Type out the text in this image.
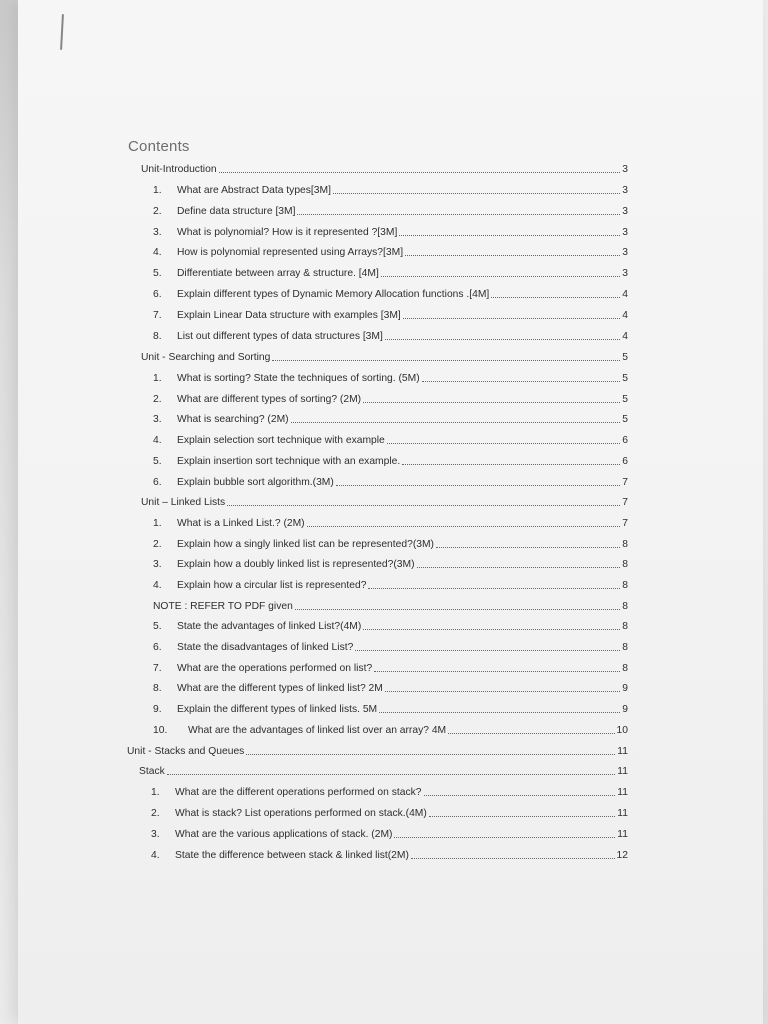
Contents
Unit-Introduction	3
1.	What are Abstract Data types[3M]	3
2.	Define data structure [3M]	3
3.	What is polynomial? How is it represented ?[3M]	3
4.	How is polynomial represented using Arrays?[3M]	3
5.	Differentiate between array & structure. [4M]	3
6.	Explain different types of Dynamic Memory Allocation functions .[4M]	4
7.	Explain Linear Data structure with examples [3M]	4
8.	List out different types of data structures [3M]	4
Unit - Searching and Sorting	5
1.	What is sorting? State the techniques of sorting. (5M)	5
2.	What are different types of sorting? (2M)	5
3.	What is searching? (2M)	5
4.	Explain selection sort technique with example	6
5.	Explain insertion sort technique with an example.	6
6.	Explain bubble sort algorithm.(3M)	7
Unit – Linked Lists	7
1.	What is a Linked List.? (2M)	7
2.	Explain how a singly linked list can be represented?(3M)	8
3.	Explain how a doubly linked list is represented?(3M)	8
4.	Explain how a circular list is represented?	8
NOTE : REFER TO PDF given	8
5.	State the advantages of linked List?(4M)	8
6.	State the disadvantages of linked List?	8
7.	What are the operations performed on list?	8
8.	What are the different types of linked list? 2M	9
9.	Explain the different types of linked lists. 5M	9
10.	What are the advantages of linked list over an array? 4M	10
Unit - Stacks and Queues	11
Stack	11
1.	What are the different operations performed on stack?	11
2.	What is stack? List operations performed on stack.(4M)	11
3.	What are the various applications of stack. (2M)	11
4.	State the difference between stack & linked list(2M)	12
